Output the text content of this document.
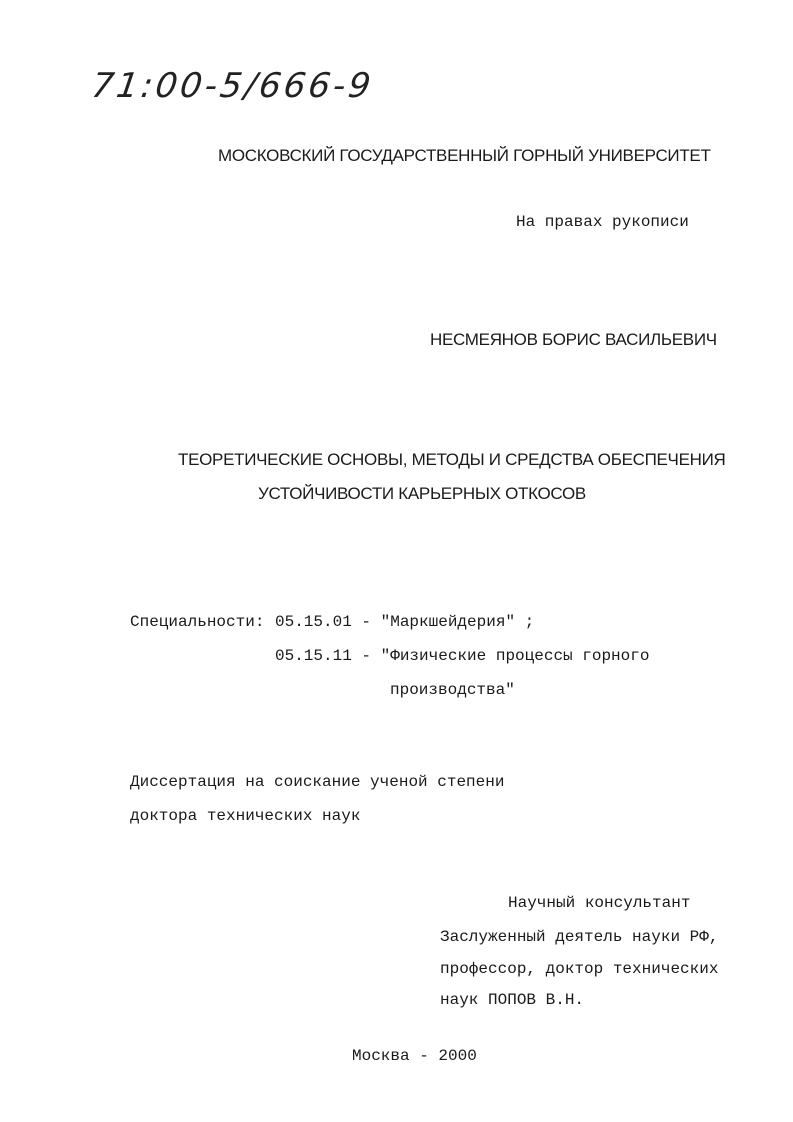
71:00-5/666-9
МОСКОВСКИЙ ГОСУДАРСТВЕННЫЙ ГОРНЫЙ УНИВЕРСИТЕТ
На правах рукописи
НЕСМЕЯНОВ БОРИС ВАСИЛЬЕВИЧ
ТЕОРЕТИЧЕСКИЕ ОСНОВЫ, МЕТОДЫ И СРЕДСТВА ОБЕСПЕЧЕНИЯ
УСТОЙЧИВОСТИ КАРЬЕРНЫХ ОТКОСОВ
Специальности: 05.15.01 - "Маркшейдерия" ;
05.15.11 - "Физические процессы горного
производства"
Диссертация на соискание ученой степени
доктора технических наук
Научный консультант
Заслуженный деятель науки РФ,
профессор, доктор технических
наук ПОПОВ В.Н.
Москва - 2000
